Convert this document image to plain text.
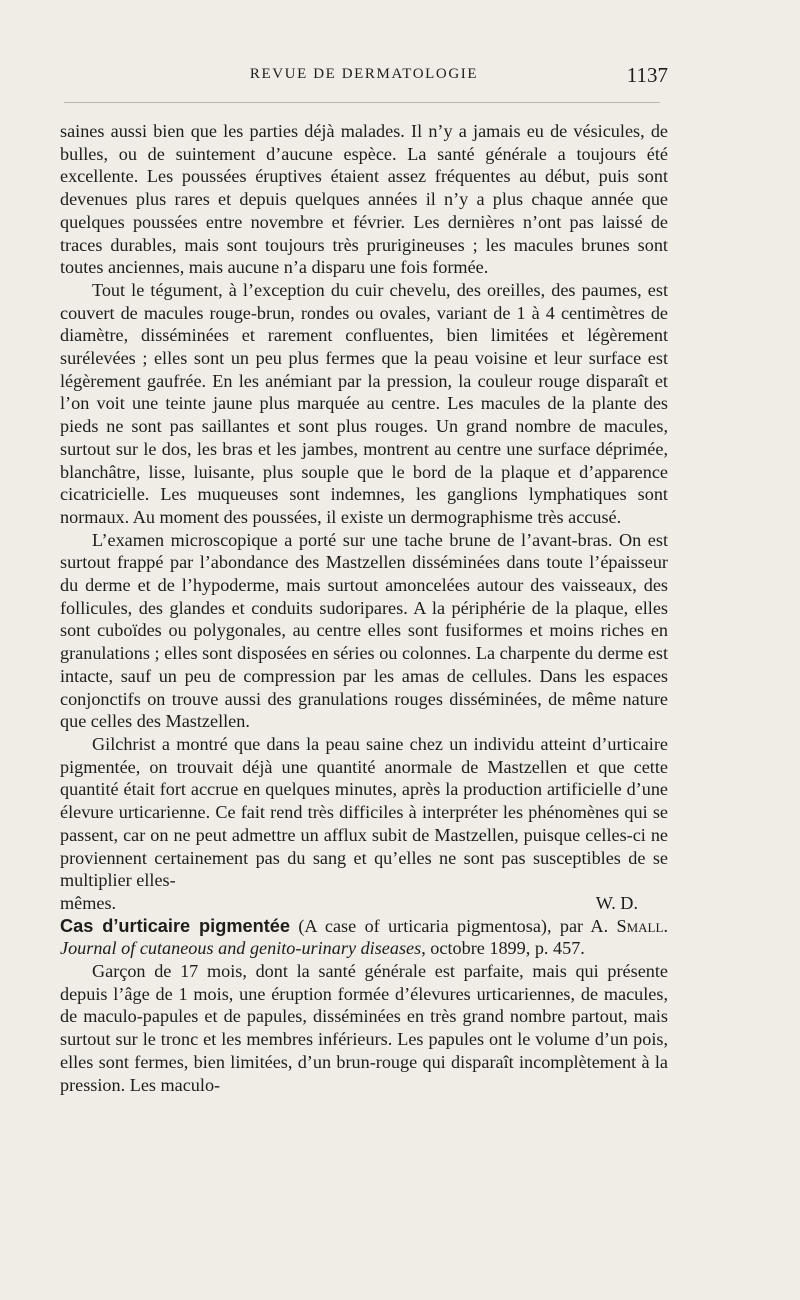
REVUE DE DERMATOLOGIE	1137

saines aussi bien que les parties déjà malades. Il n’y a jamais eu de vésicules, de bulles, ou de suintement d’aucune espèce. La santé générale a toujours été excellente. Les poussées éruptives étaient assez fréquentes au début, puis sont devenues plus rares et depuis quelques années il n’y a plus chaque année que quelques poussées entre novembre et février. Les dernières n’ont pas laissé de traces durables, mais sont toujours très prurigineuses ; les macules brunes sont toutes anciennes, mais aucune n’a disparu une fois formée.

Tout le tégument, à l’exception du cuir chevelu, des oreilles, des paumes, est couvert de macules rouge-brun, rondes ou ovales, variant de 1 à 4 centimètres de diamètre, disséminées et rarement confluentes, bien limitées et légèrement surélevées ; elles sont un peu plus fermes que la peau voisine et leur surface est légèrement gaufrée. En les anémiant par la pression, la couleur rouge disparaît et l’on voit une teinte jaune plus marquée au centre. Les macules de la plante des pieds ne sont pas saillantes et sont plus rouges. Un grand nombre de macules, surtout sur le dos, les bras et les jambes, montrent au centre une surface déprimée, blanchâtre, lisse, luisante, plus souple que le bord de la plaque et d’apparence cicatricielle. Les muqueuses sont indemnes, les ganglions lymphatiques sont normaux. Au moment des poussées, il existe un dermographisme très accusé.

L’examen microscopique a porté sur une tache brune de l’avant-bras. On est surtout frappé par l’abondance des Mastzellen disséminées dans toute l’épaisseur du derme et de l’hypoderme, mais surtout amoncelées autour des vaisseaux, des follicules, des glandes et conduits sudoripares. A la périphérie de la plaque, elles sont cuboïdes ou polygonales, au centre elles sont fusiformes et moins riches en granulations ; elles sont disposées en séries ou colonnes. La charpente du derme est intacte, sauf un peu de compression par les amas de cellules. Dans les espaces conjonctifs on trouve aussi des granulations rouges disséminées, de même nature que celles des Mastzellen.

Gilchrist a montré que dans la peau saine chez un individu atteint d’urticaire pigmentée, on trouvait déjà une quantité anormale de Mastzellen et que cette quantité était fort accrue en quelques minutes, après la production artificielle d’une élevure urticarienne. Ce fait rend très difficiles à interpréter les phénomènes qui se passent, car on ne peut admettre un afflux subit de Mastzellen, puisque celles-ci ne proviennent certainement pas du sang et qu’elles ne sont pas susceptibles de se multiplier elles-

mêmes.	W. D.

Cas d’urticaire pigmentée (A case of urticaria pigmentosa), par A. Small. Journal of cutaneous and genito-urinary diseases, octobre 1899, p. 457.

Garçon de 17 mois, dont la santé générale est parfaite, mais qui présente depuis l’âge de 1 mois, une éruption formée d’élevures urticariennes, de macules, de maculo-papules et de papules, disséminées en très grand nombre partout, mais surtout sur le tronc et les membres inférieurs. Les papules ont le volume d’un pois, elles sont fermes, bien limitées, d’un brun-rouge qui disparaît incomplètement à la pression. Les maculo-
